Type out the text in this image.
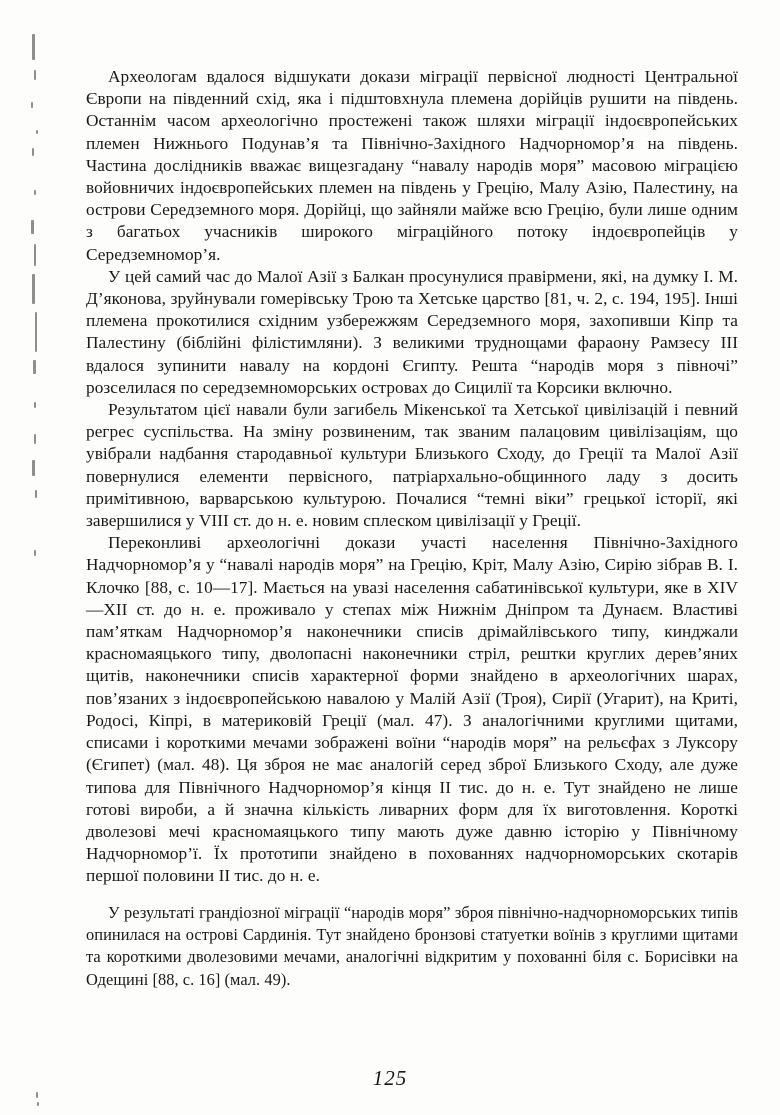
Археологам вдалося відшукати докази міграції первісної людності Центральної Європи на південний схід, яка і підштовхнула племена дорійців рушити на південь. Останнім часом археологічно простежені також шляхи міграції індоєвропейських племен Нижнього Подунав’я та Північно-Західного Надчорномор’я на південь. Частина дослідників вважає вищезгадану “навалу народів моря” масовою міграцією войовничих індоєвропейських племен на південь у Грецію, Малу Азію, Палестину, на острови Середземного моря. Дорійці, що зайняли майже всю Грецію, були лише одним з багатьох учасників широкого міграційного потоку індоєвропейців у Середземномор’я.

У цей самий час до Малої Азії з Балкан просунулися правірмени, які, на думку І. М. Д’яконова, зруйнували гомерівську Трою та Хетське царство [81, ч. 2, с. 194, 195]. Інші племена прокотилися східним узбережжям Середземного моря, захопивши Кіпр та Палестину (біблійні філістимляни). З великими труднощами фараону Рамзесу III вдалося зупинити навалу на кордоні Єгипту. Решта “народів моря з півночі” розселилася по середземноморських островах до Сицилії та Корсики включно.

Результатом цієї навали були загибель Мікенської та Хетської цивілізацій і певний регрес суспільства. На зміну розвиненим, так званим палацовим цивілізаціям, що увібрали надбання стародавньої культури Близького Сходу, до Греції та Малої Азії повернулися елементи первісного, патріархально-общинного ладу з досить примітивною, варварською культурою. Почалися “темні віки” грецької історії, які завершилися у VIII ст. до н. е. новим сплеском цивілізації у Греції.

Переконливі археологічні докази участі населення Північно-Західного Надчорномор’я у “навалі народів моря” на Грецію, Кріт, Малу Азію, Сирію зібрав В. І. Клочко [88, с. 10—17]. Мається на увазі населення сабатинівської культури, яке в XIV—XII ст. до н. е. проживало у степах між Нижнім Дніпром та Дунаєм. Властиві пам’яткам Надчорномор’я наконечники списів дрімайлівського типу, кинджали красномаяцького типу, дволопасні наконечники стріл, рештки круглих дерев’яних щитів, наконечники списів характерної форми знайдено в археологічних шарах, пов’язаних з індоєвропейською навалою у Малій Азії (Троя), Сирії (Угарит), на Криті, Родосі, Кіпрі, в материковій Греції (мал. 47). З аналогічними круглими щитами, списами і короткими мечами зображені воїни “народів моря” на рельєфах з Луксору (Єгипет) (мал. 48). Ця зброя не має аналогій серед зброї Близького Сходу, але дуже типова для Північного Надчорномор’я кінця II тис. до н. е. Тут знайдено не лише готові вироби, а й значна кількість ливарних форм для їх виготовлення. Короткі дволезові мечі красномаяцького типу мають дуже давню історію у Північному Надчорномор’ї. Їх прототипи знайдено в похованнях надчорноморських скотарів першої половини II тис. до н. е.

У результаті грандіозної міграції “народів моря” зброя північно-надчорноморських типів опинилася на острові Сардинія. Тут знайдено бронзові статуетки воїнів з круглими щитами та короткими дволезовими мечами, аналогічні відкритим у похованні біля с. Борисівки на Одещині [88, с. 16] (мал. 49).

125
